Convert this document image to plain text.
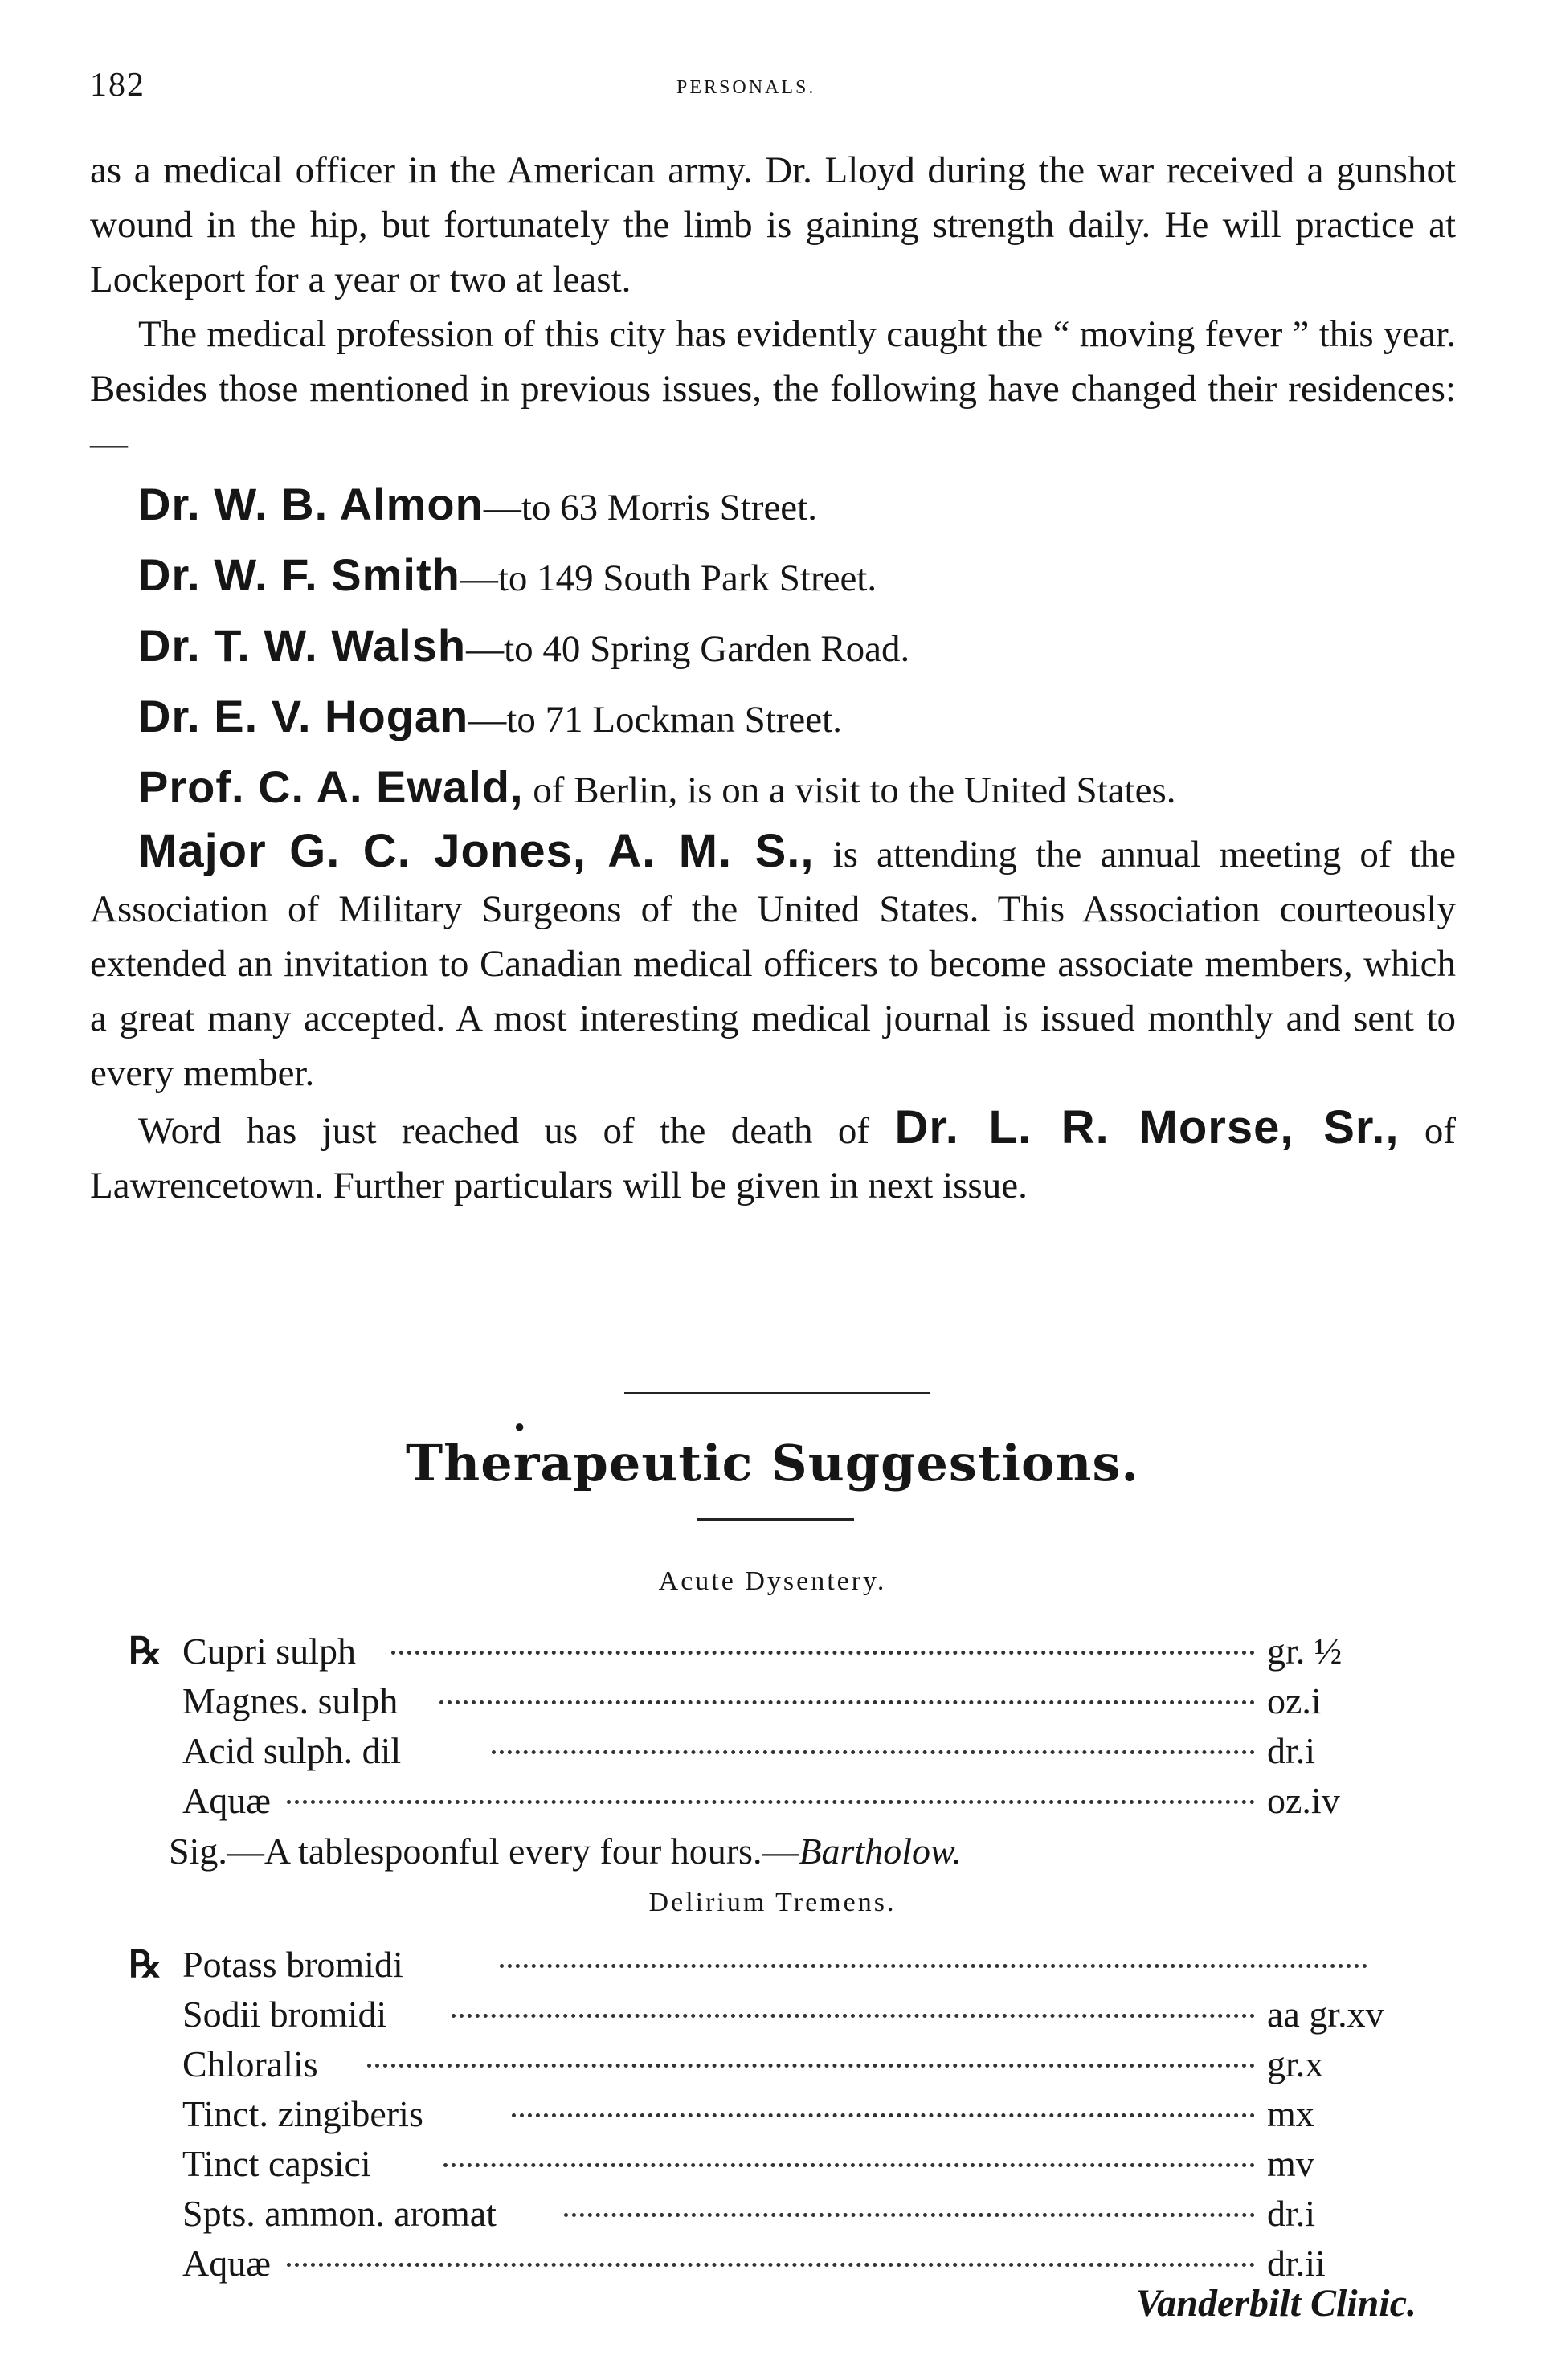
182	PERSONALS.

as a medical officer in the American army. Dr. Lloyd during the war received a gunshot wound in the hip, but fortunately the limb is gaining strength daily. He will practice at Lockeport for a year or two at least.

The medical profession of this city has evidently caught the “ moving fever ” this year. Besides those mentioned in previous issues, the following have changed their residences:—

Dr. W. B. Almon—to 63 Morris Street.
Dr. W. F. Smith—to 149 South Park Street.
Dr. T. W. Walsh—to 40 Spring Garden Road.
Dr. E. V. Hogan—to 71 Lockman Street.

Prof. C. A. Ewald, of Berlin, is on a visit to the United States.

Major G. C. Jones, A. M. S., is attending the annual meeting of the Association of Military Surgeons of the United States. This Association courteously extended an invitation to Canadian medical officers to become associate members, which a great many accepted. A most interesting medical journal is issued monthly and sent to every member.

Word has just reached us of the death of Dr. L. R. Morse, Sr., of Lawrencetown. Further particulars will be given in next issue.

●
Therapeutic Suggestions.
Acute Dysentery.
℞ Cupri sulph	gr. ½
Magnes. sulph	oz.i
Acid sulph. dil	dr.i
Aquæ	oz.iv
Sig.—A tablespoonful every four hours.—Bartholow.
Delirium Tremens.
℞ Potass bromidi
Sodii bromidi	aa gr.xv
Chloralis	gr.x
Tinct. zingiberis	mx
Tinct capsici	mv
Spts. ammon. aromat	dr.i
Aquæ	dr.ii
Vanderbilt Clinic.
